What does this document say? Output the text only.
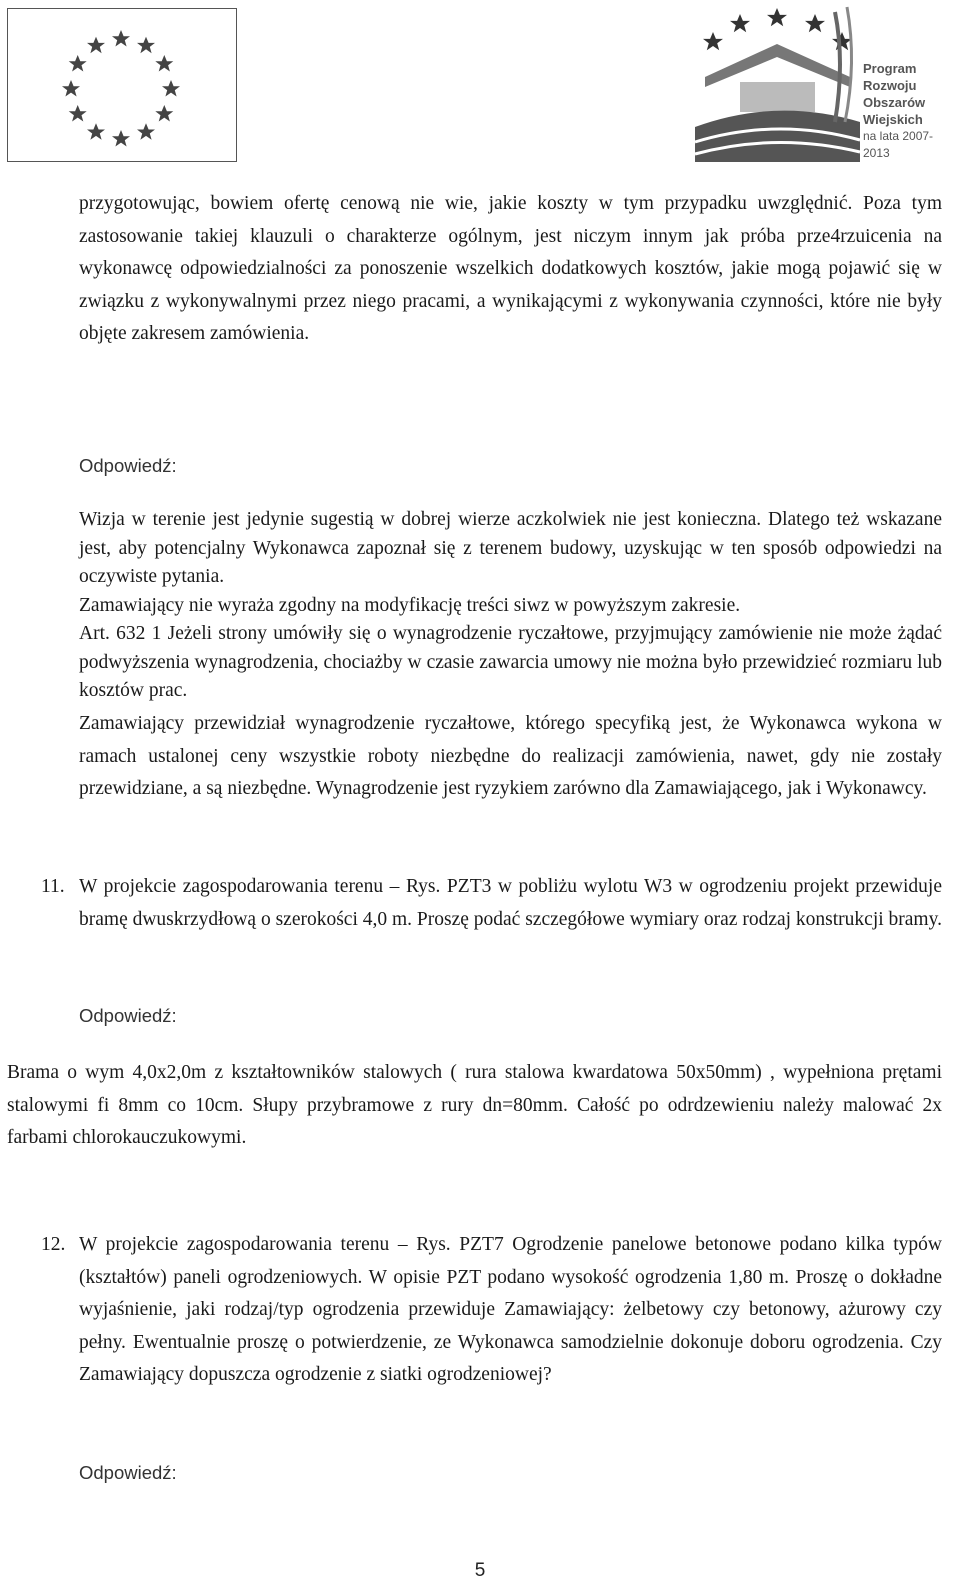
Program
Rozwoju
Obszarów
Wiejskich
na lata 2007-2013

przygotowując, bowiem ofertę cenową nie wie, jakie koszty w tym przypadku uwzględnić. Poza tym zastosowanie takiej klauzuli o charakterze ogólnym, jest niczym innym jak próba prze4rzuicenia na wykonawcę odpowiedzialności za ponoszenie wszelkich dodatkowych kosztów, jakie mogą pojawić się w związku z wykonywalnymi przez niego pracami, a wynikającymi z wykonywania czynności, które nie były objęte zakresem zamówienia.

Odpowiedź:

Wizja w terenie jest jedynie sugestią w dobrej wierze aczkolwiek nie jest konieczna. Dlatego też wskazane jest, aby potencjalny Wykonawca zapoznał się z terenem budowy, uzyskując w ten sposób odpowiedzi na oczywiste pytania.

Zamawiający nie wyraża zgodny na modyfikację treści siwz w powyższym zakresie.

Art. 632 1 Jeżeli strony umówiły się o wynagrodzenie ryczałtowe, przyjmujący zamówienie nie może żądać podwyższenia wynagrodzenia, chociażby w czasie zawarcia umowy nie można było przewidzieć rozmiaru lub kosztów prac.

Zamawiający przewidział wynagrodzenie ryczałtowe, którego specyfiką jest, że Wykonawca wykona w ramach ustalonej ceny wszystkie roboty niezbędne do realizacji zamówienia, nawet, gdy nie zostały przewidziane, a są niezbędne. Wynagrodzenie jest ryzykiem zarówno dla Zamawiającego, jak i Wykonawcy.

11. W projekcie zagospodarowania terenu – Rys. PZT3 w pobliżu wylotu W3 w ogrodzeniu projekt przewiduje bramę dwuskrzydłową o szerokości 4,0 m. Proszę podać szczegółowe wymiary oraz rodzaj konstrukcji bramy.

Odpowiedź:

Brama o wym 4,0x2,0m z kształtowników stalowych ( rura stalowa kwardatowa 50x50mm) , wypełniona prętami stalowymi fi 8mm co 10cm. Słupy przybramowe z rury dn=80mm. Całość po odrdzewieniu należy malować 2x farbami chlorokauczukowymi.

12. W projekcie zagospodarowania terenu – Rys. PZT7 Ogrodzenie panelowe betonowe podano kilka typów (kształtów) paneli ogrodzeniowych. W opisie PZT podano wysokość ogrodzenia 1,80 m. Proszę o dokładne wyjaśnienie, jaki rodzaj/typ ogrodzenia przewiduje Zamawiający: żelbetowy czy betonowy, ażurowy czy pełny. Ewentualnie proszę o potwierdzenie, ze Wykonawca samodzielnie dokonuje doboru ogrodzenia. Czy Zamawiający dopuszcza ogrodzenie z siatki ogrodzeniowej?

Odpowiedź:
5
